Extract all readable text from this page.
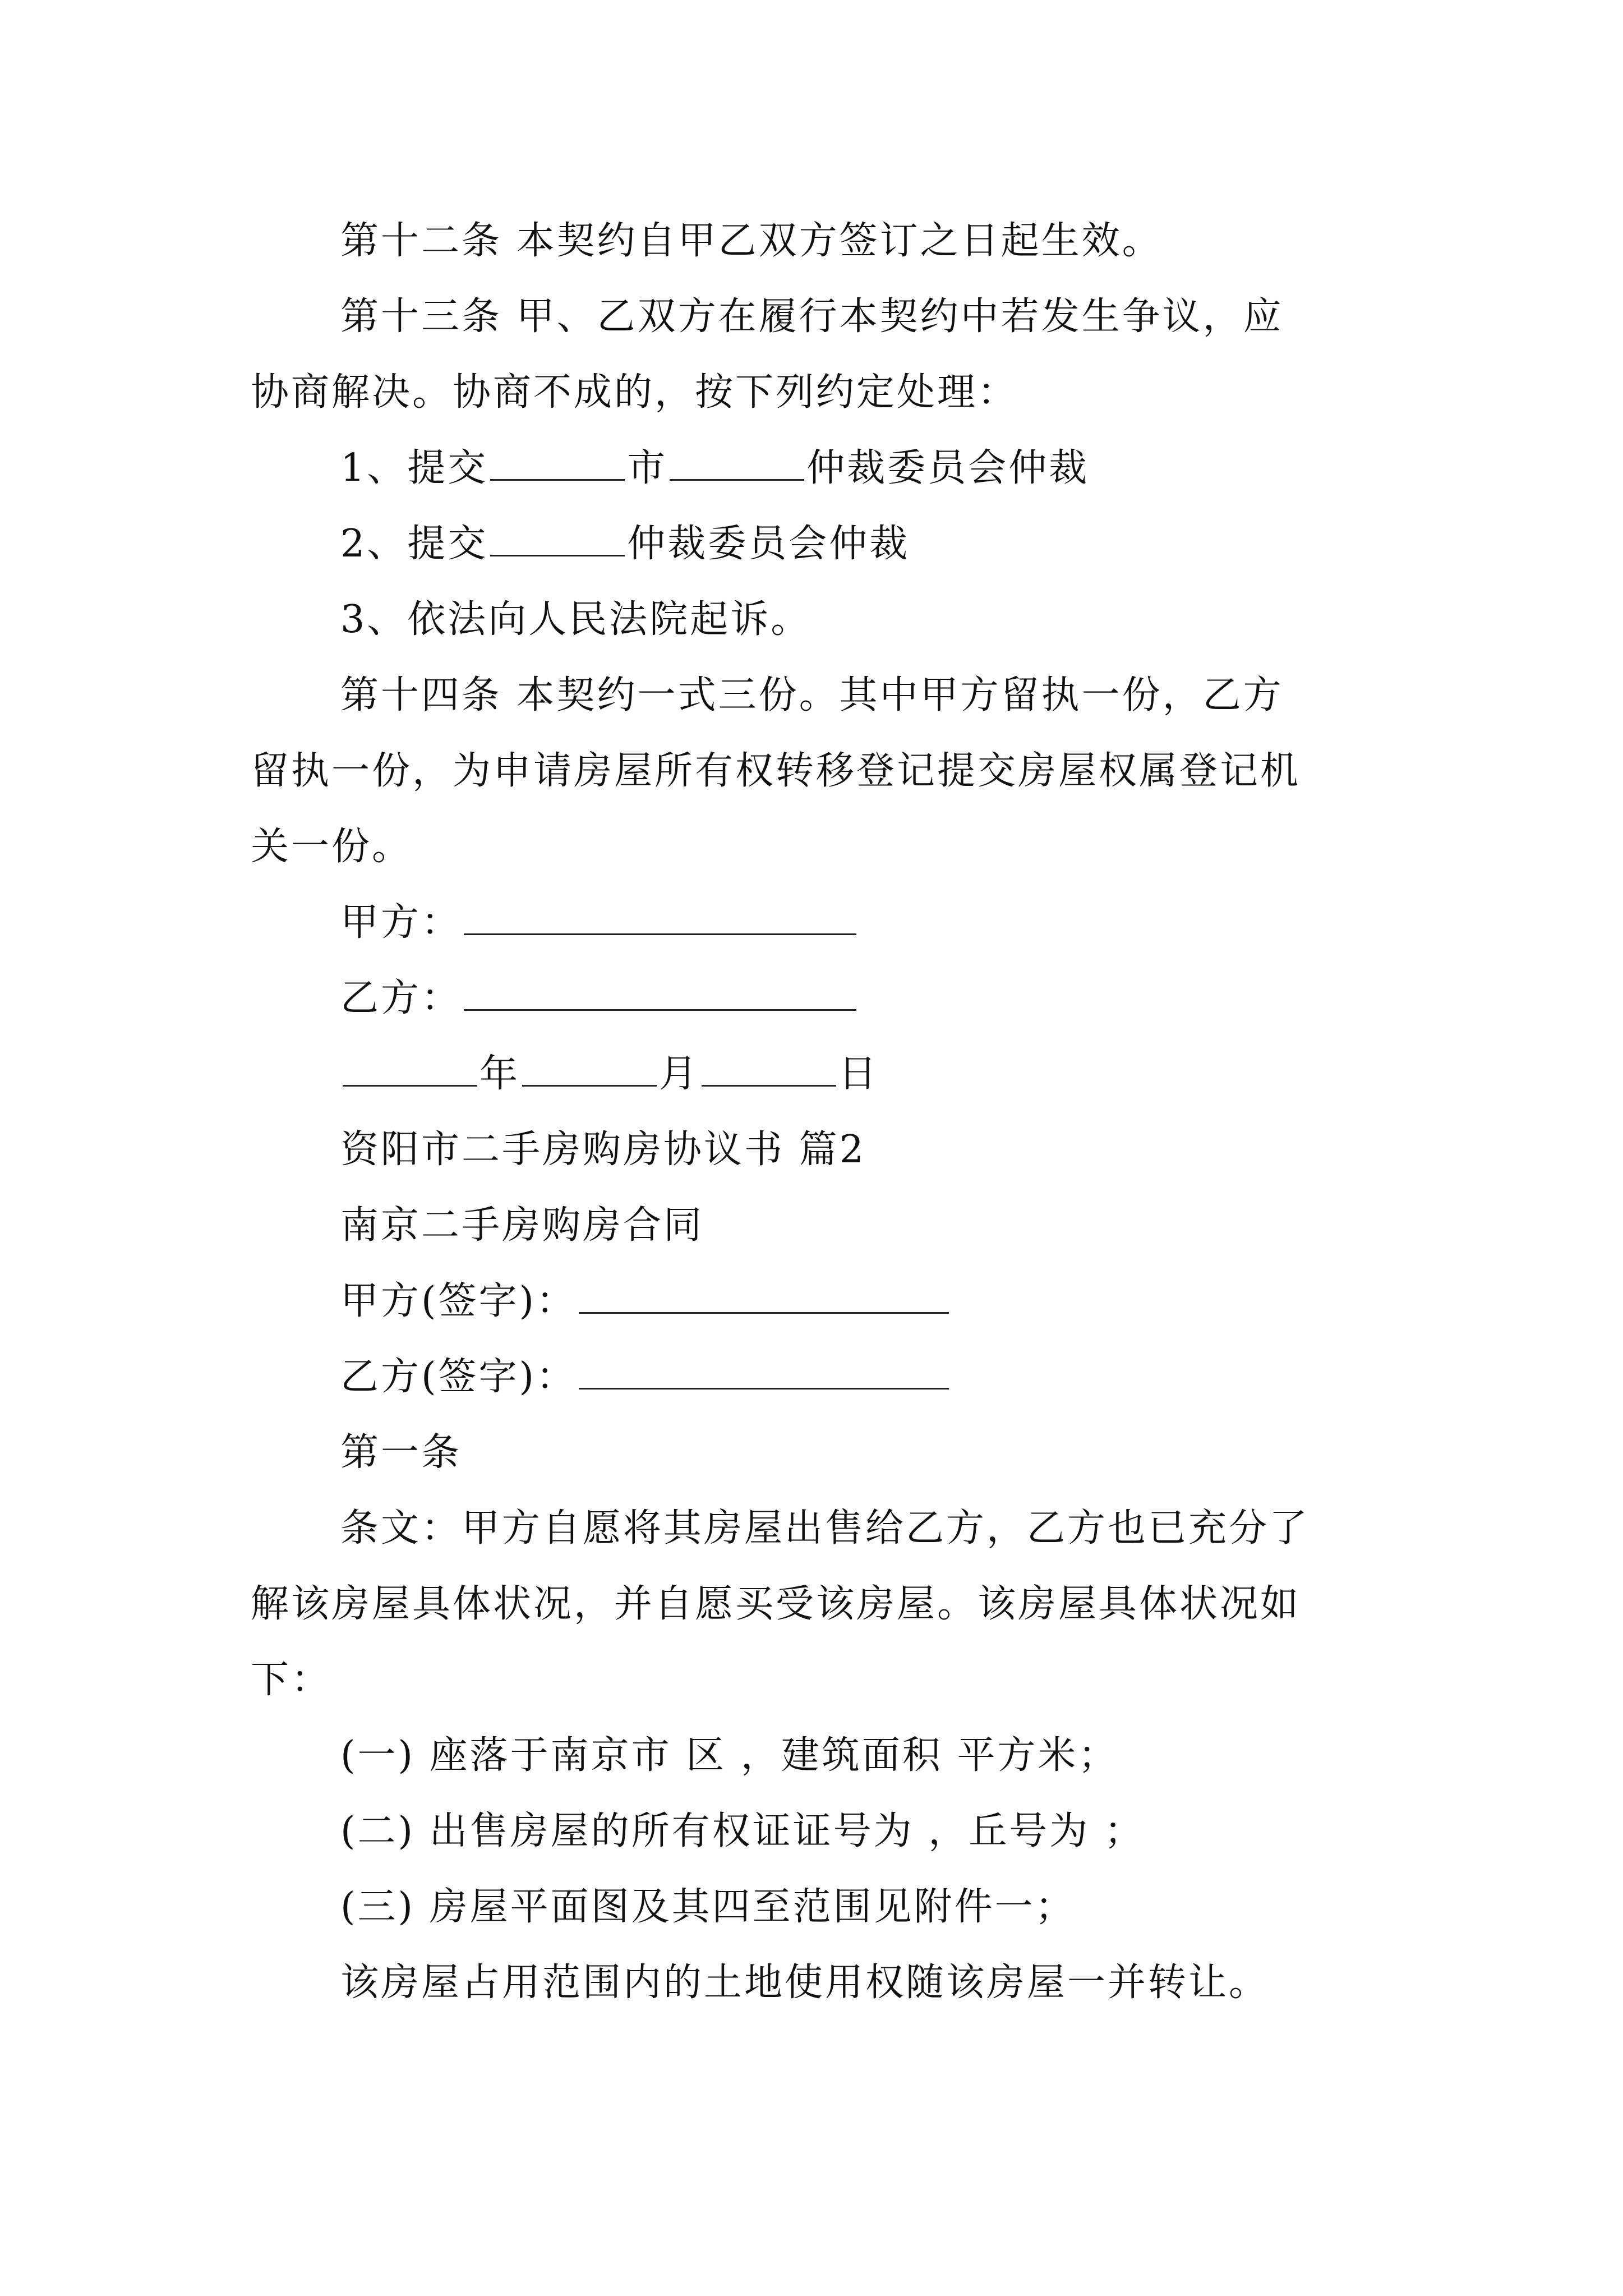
第十二条 本契约自甲乙双方签订之日起生效。
第十三条 甲、乙双方在履行本契约中若发生争议，应
协商解决。协商不成的，按下列约定处理：
1、提交	市	仲裁委员会仲裁
2、提交	仲裁委员会仲裁
3、依法向人民法院起诉。
第十四条 本契约一式三份。其中甲方留执一份，乙方
留执一份，为申请房屋所有权转移登记提交房屋权属登记机
关一份。
甲方：
乙方：
年	月	日
资阳市二手房购房协议书 篇2
南京二手房购房合同
甲方(签字)：
乙方(签字)：
第一条
条文：甲方自愿将其房屋出售给乙方，乙方也已充分了
解该房屋具体状况，并自愿买受该房屋。该房屋具体状况如
下：
(一) 座落于南京市 区 ，建筑面积 平方米；
(二) 出售房屋的所有权证证号为 ，丘号为 ；
(三) 房屋平面图及其四至范围见附件一；
该房屋占用范围内的土地使用权随该房屋一并转让。
